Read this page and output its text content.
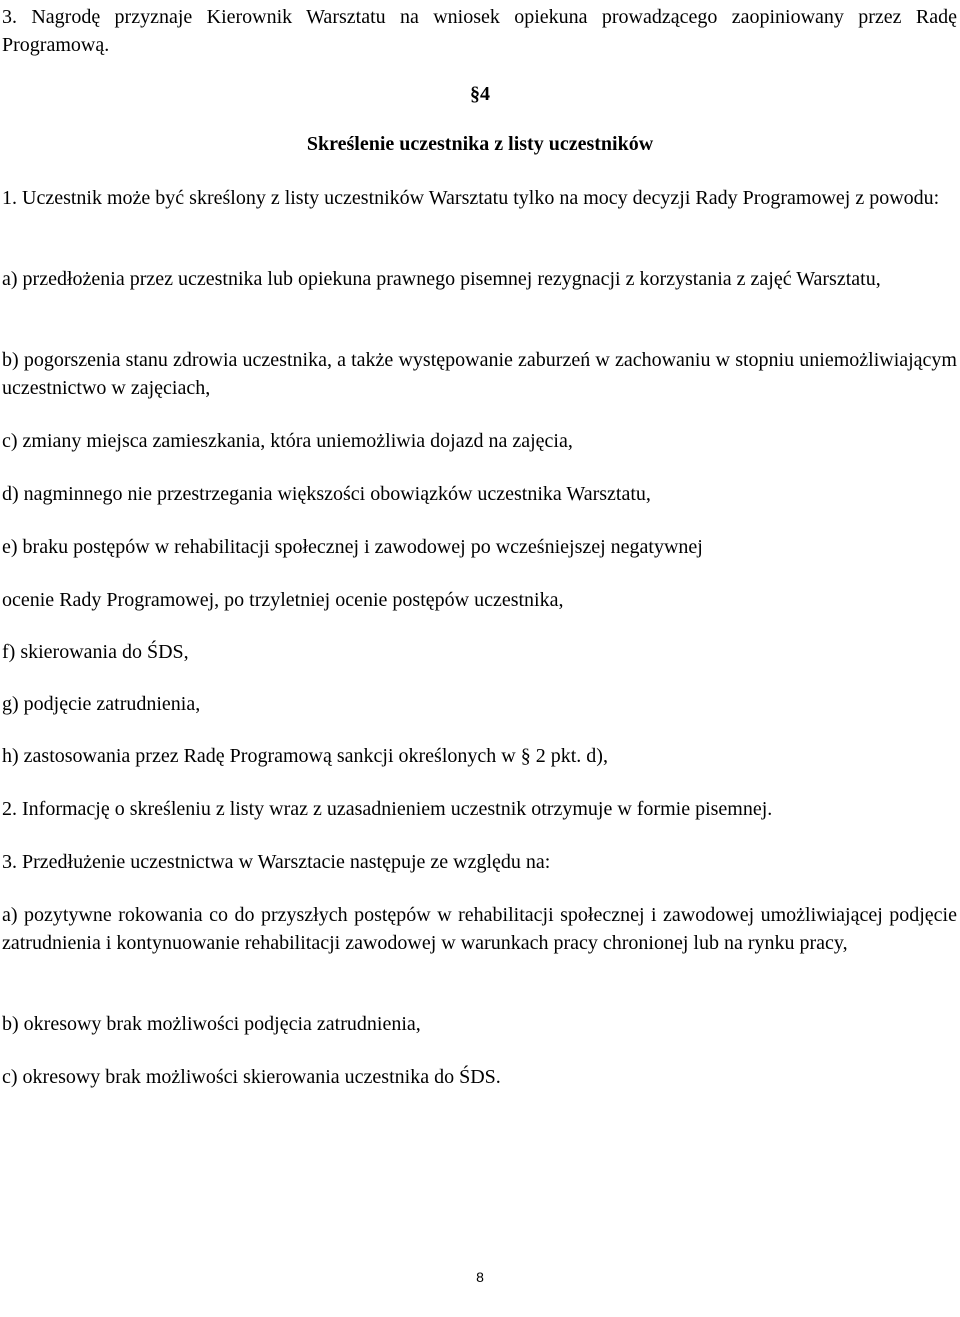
3. Nagrodę przyznaje Kierownik Warsztatu na wniosek opiekuna prowadzącego zaopiniowany przez Radę Programową.

§4

Skreślenie uczestnika z listy uczestników

1. Uczestnik może być skreślony z listy uczestników Warsztatu tylko na mocy decyzji Rady Programowej z powodu:

a) przedłożenia przez uczestnika lub opiekuna prawnego pisemnej rezygnacji z korzystania z zajęć Warsztatu,

b) pogorszenia stanu zdrowia uczestnika, a także występowanie zaburzeń w zachowaniu w stopniu uniemożliwiającym uczestnictwo w zajęciach,

c) zmiany miejsca zamieszkania, która uniemożliwia dojazd na zajęcia,

d) nagminnego nie przestrzegania większości obowiązków uczestnika Warsztatu,

e) braku postępów w rehabilitacji społecznej i zawodowej po wcześniejszej negatywnej

ocenie Rady Programowej, po trzyletniej ocenie postępów uczestnika,

f) skierowania do ŚDS,

g) podjęcie zatrudnienia,

h) zastosowania przez Radę Programową sankcji określonych w § 2 pkt. d),

2. Informację o skreśleniu z listy wraz z uzasadnieniem uczestnik otrzymuje w formie pisemnej.

3. Przedłużenie uczestnictwa w Warsztacie następuje ze względu na:

a) pozytywne rokowania co do przyszłych postępów w rehabilitacji społecznej i zawodowej umożliwiającej podjęcie zatrudnienia i kontynuowanie rehabilitacji zawodowej w warunkach pracy chronionej lub na rynku pracy,

b) okresowy brak możliwości podjęcia zatrudnienia,

c) okresowy brak możliwości skierowania uczestnika do ŚDS.

8
